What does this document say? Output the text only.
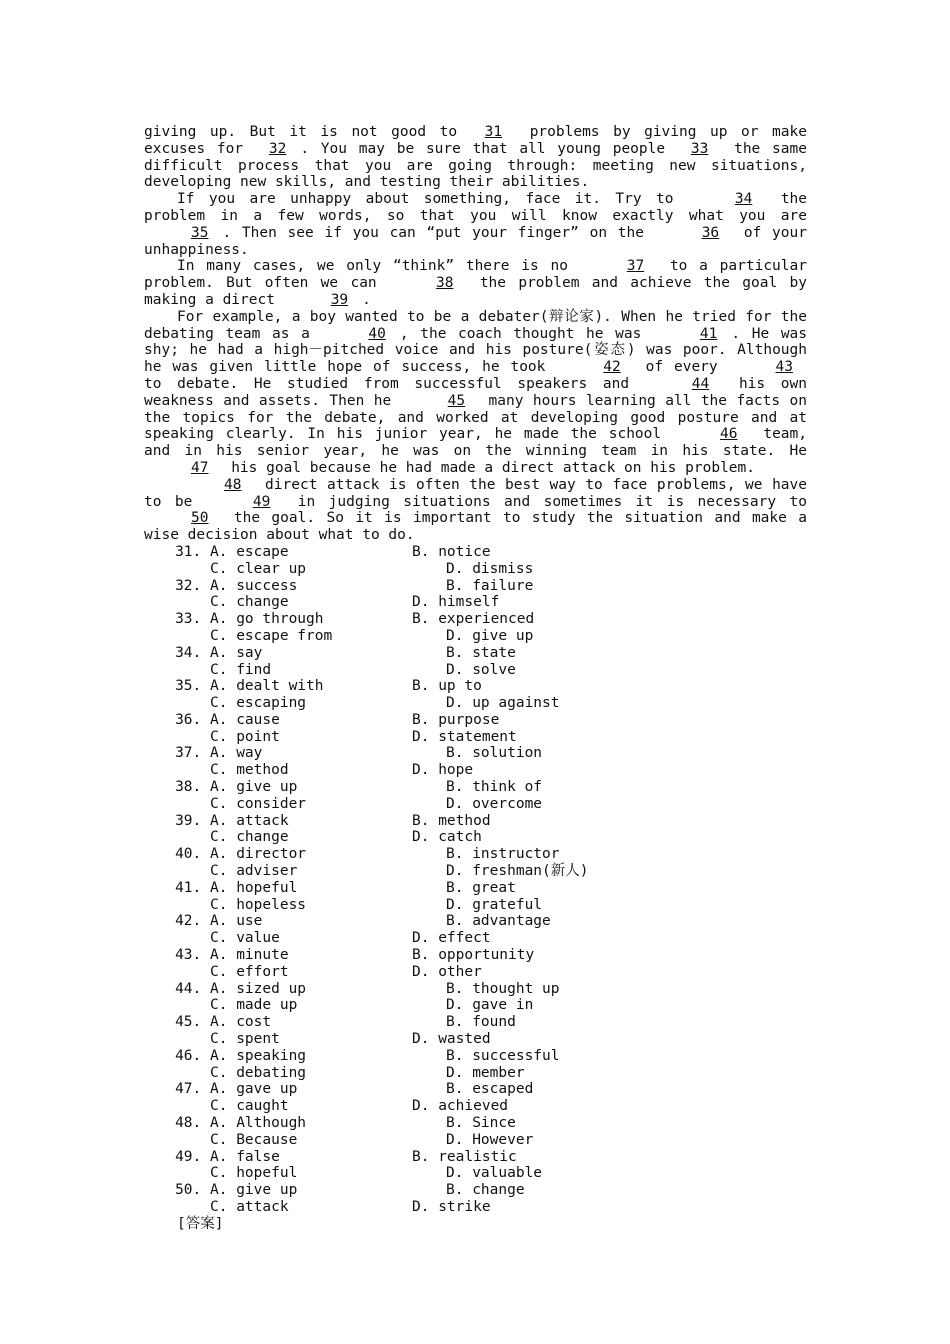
giving up. But it is not good to 31 problems by giving up or make excuses for 32 . You may be sure that all young people 33 the same difficult process that you are going through: meeting new situations, developing new skills, and testing their abilities.

If you are unhappy about something, face it. Try to	34 the problem in a few words, so that you will know exactly what you are 35 . Then see if you can “put your finger” on the	36 of your unhappiness.

In many cases, we only “think” there is no	37 to a particular problem. But often we can	38 the problem and achieve the goal by making a direct	39 .

For example, a boy wanted to be a debater(辩论家). When he tried for the debating team as a	40 , the coach thought he was	41 . He was shy; he had a high－pitched voice and his posture(姿态) was poor. Although he was given little hope of success, he took	42 of every	43 to debate. He studied from successful speakers and	44 his own weakness and assets. Then he	45 many hours learning all the facts on the topics for the debate, and worked at developing good posture and at speaking clearly. In his junior year, he made the school	46 team, and in his senior year, he was on the winning team in his state. He 47 his goal because he had made a direct attack on his problem.

48 direct attack is often the best way to face problems, we have to be	49 in judging situations and sometimes it is necessary to 50 the goal. So it is important to study the situation and make a wise decision about what to do.

31. A. escape	B. notice
C. clear up	D. dismiss
32. A. success	B. failure
C. change	D. himself
33. A. go through	B. experienced
C. escape from	D. give up
34. A. say	B. state
C. find	D. solve
35. A. dealt with	B. up to
C. escaping	D. up against
36. A. cause	B. purpose
C. point	D. statement
37. A. way	B. solution
C. method	D. hope
38. A. give up	B. think of
C. consider	D. overcome
39. A. attack	B. method
C. change	D. catch
40. A. director	B. instructor
C. adviser	D. freshman(新人)
41. A. hopeful	B. great
C. hopeless	D. grateful
42. A. use	B. advantage
C. value	D. effect
43. A. minute	B. opportunity
C. effort	D. other
44. A. sized up	B. thought up
C. made up	D. gave in
45. A. cost	B. found
C. spent	D. wasted
46. A. speaking	B. successful
C. debating	D. member
47. A. gave up	B. escaped
C. caught	D. achieved
48. A. Although	B. Since
C. Because	D. However
49. A. false	B. realistic
C. hopeful	D. valuable
50. A. give up	B. change
C. attack	D. strike
[答案]
